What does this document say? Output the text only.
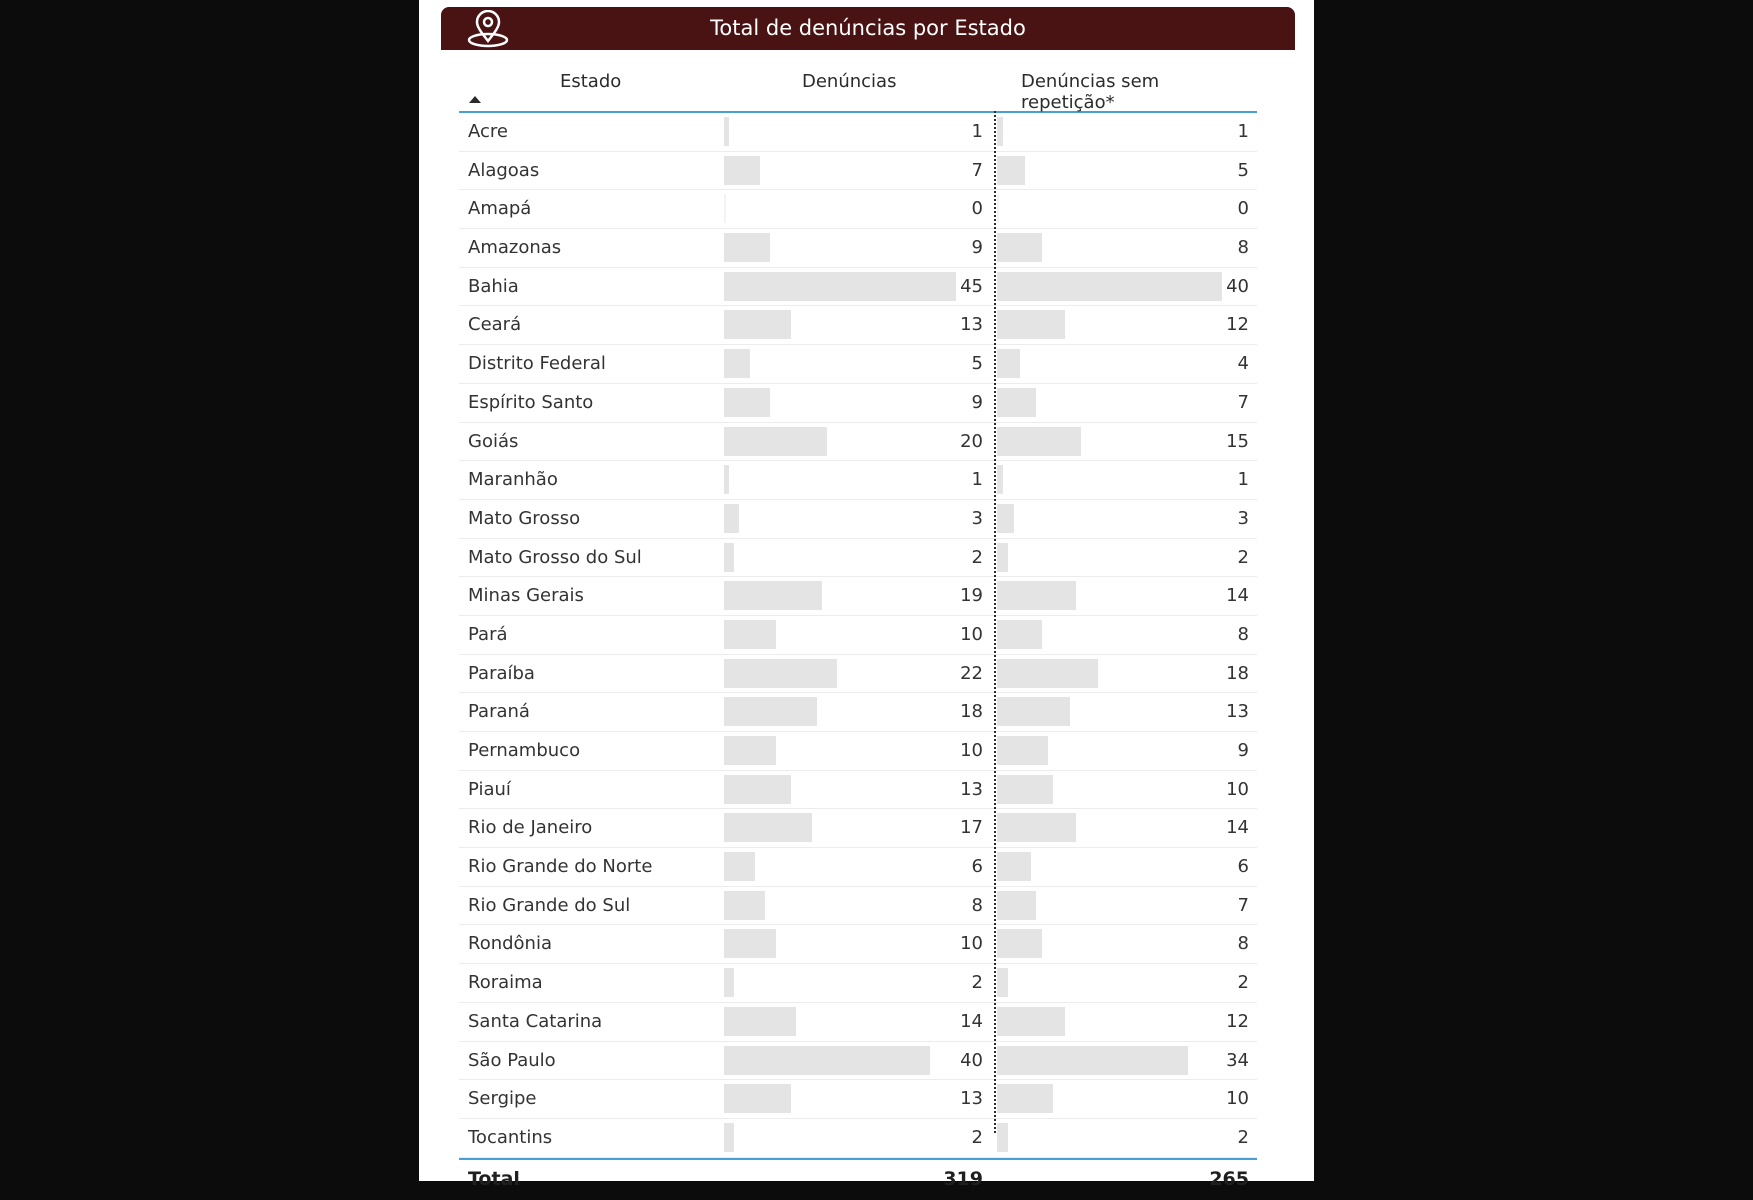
Total de denúncias por Estado
Estado	Denúncias	Denúncias sem repetição*
Acre	1	1
Alagoas	7	5
Amapá	0	0
Amazonas	9	8
Bahia	45	40
Ceará	13	12
Distrito Federal	5	4
Espírito Santo	9	7
Goiás	20	15
Maranhão	1	1
Mato Grosso	3	3
Mato Grosso do Sul	2	2
Minas Gerais	19	14
Pará	10	8
Paraíba	22	18
Paraná	18	13
Pernambuco	10	9
Piauí	13	10
Rio de Janeiro	17	14
Rio Grande do Norte	6	6
Rio Grande do Sul	8	7
Rondônia	10	8
Roraima	2	2
Santa Catarina	14	12
São Paulo	40	34
Sergipe	13	10
Tocantins	2	2
Total	319	265
